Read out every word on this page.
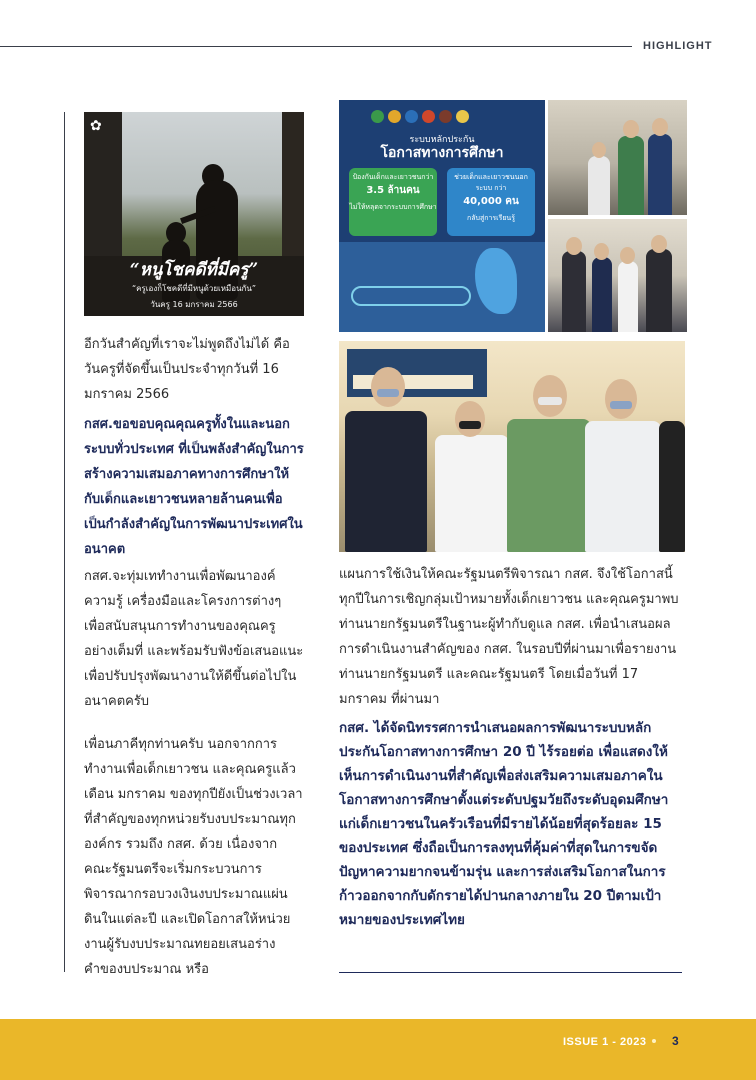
HIGHLIGHT
✿
“หนูโชคดีที่มีครู”
“ครูเองก็โชคดีที่มีหนูด้วยเหมือนกัน”
วันครู 16 มกราคม 2566
ระบบหลักประกัน
โอกาสทางการศึกษา
ป้องกันเด็กและเยาวชนกว่า
3.5 ล้านคน
ไม่ให้หลุดจากระบบการศึกษา
ช่วยเด็กและเยาวชนนอกระบบ กว่า
40,000 คน
กลับสู่การเรียนรู้

อีกวันสำคัญที่เราจะไม่พูดถึงไม่ได้ คือวันครูที่จัดขึ้นเป็นประจำทุกวันที่ 16 มกราคม 2566

กสศ.ขอขอบคุณคุณครูทั้งในและนอกระบบทั่วประเทศ ที่เป็นพลังสำคัญในการสร้างความเสมอภาคทางการศึกษาให้กับเด็กและเยาวชนหลายล้านคนเพื่อเป็นกำลังสำคัญในการพัฒนาประเทศในอนาคต

กสศ.จะทุ่มเททำงานเพื่อพัฒนาองค์ความรู้ เครื่องมือและโครงการต่างๆ เพื่อสนับสนุนการทำงานของคุณครูอย่างเต็มที่ และพร้อมรับฟังข้อเสนอแนะเพื่อปรับปรุงพัฒนางานให้ดีขึ้นต่อไปในอนาคตครับ

เพื่อนภาคีทุกท่านครับ นอกจากการทำงานเพื่อเด็กเยาวชน และคุณครูแล้ว เดือน มกราคม ของทุกปียังเป็นช่วงเวลาที่สำคัญของทุกหน่วยรับงบประมาณทุกองค์กร รวมถึง กสศ. ด้วย เนื่องจากคณะรัฐมนตรีจะเริ่มกระบวนการพิจารณากรอบวงเงินงบประมาณแผ่นดินในแต่ละปี และเปิดโอกาสให้หน่วยงานผู้รับงบประมาณทยอยเสนอร่างคำของบประมาณ หรือ

แผนการใช้เงินให้คณะรัฐมนตรีพิจารณา กสศ. จึงใช้โอกาสนี้ทุกปีในการเชิญกลุ่มเป้าหมายทั้งเด็กเยาวชน และคุณครูมาพบท่านนายกรัฐมนตรีในฐานะผู้ทำกับดูแล กสศ. เพื่อนำเสนอผลการดำเนินงานสำคัญของ กสศ. ในรอบปีที่ผ่านมาเพื่อรายงานท่านนายกรัฐมนตรี และคณะรัฐมนตรี โดยเมื่อวันที่ 17 มกราคม ที่ผ่านมา

กสศ. ได้จัดนิทรรศการนำเสนอผลการพัฒนาระบบหลักประกันโอกาสทางการศึกษา 20 ปี ไร้รอยต่อ เพื่อแสดงให้เห็นการดำเนินงานที่สำคัญเพื่อส่งเสริมความเสมอภาคในโอกาสทางการศึกษาตั้งแต่ระดับปฐมวัยถึงระดับอุดมศึกษาแก่เด็กเยาวชนในครัวเรือนที่มีรายได้น้อยที่สุดร้อยละ 15 ของประเทศ ซึ่งถือเป็นการลงทุนที่คุ้มค่าที่สุดในการขจัดปัญหาความยากจนข้ามรุ่น และการส่งเสริมโอกาสในการก้าวออกจากกับดักรายได้ปานกลางภายใน 20 ปีตามเป้าหมายของประเทศไทย

ISSUE 1 - 2023	3
